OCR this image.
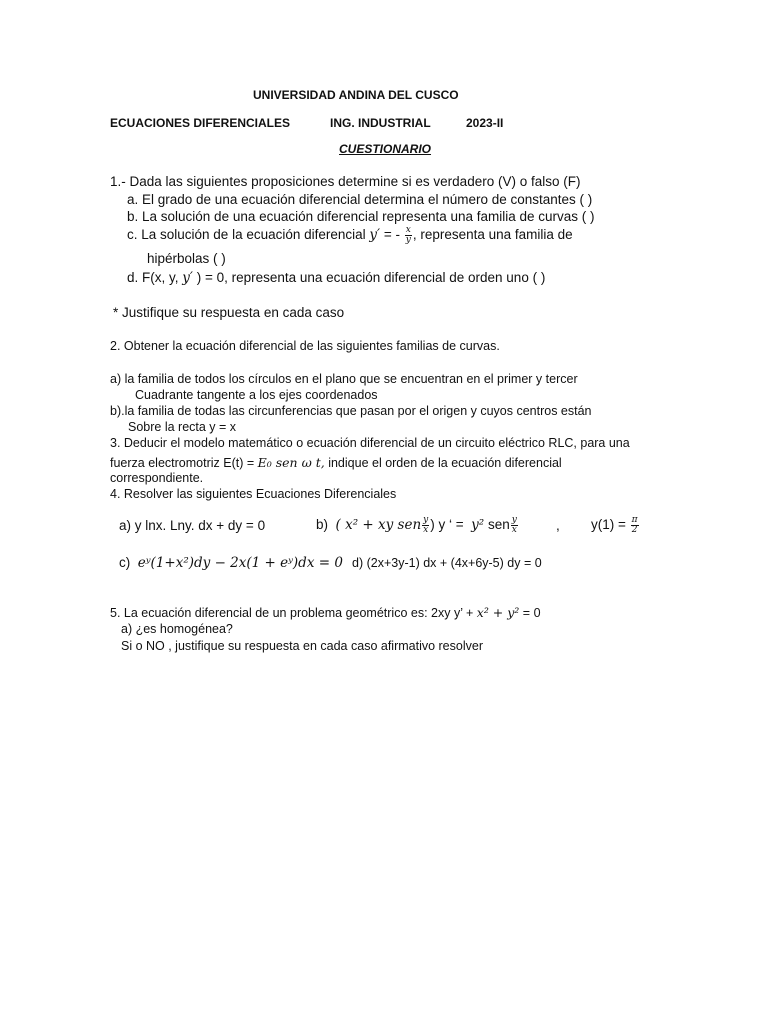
UNIVERSIDAD ANDINA DEL CUSCO
ECUACIONES DIFERENCIALES	ING. INDUSTRIAL	2023-II
CUESTIONARIO
1.- Dada las siguientes proposiciones determine si es verdadero (V) o falso (F)
a. El grado de una ecuación diferencial determina el número de constantes ( )
b. La solución de una ecuación diferencial representa una familia de curvas ( )
c. La solución de la ecuación diferencial y′ = - $\frac{x}{y}$ , representa una familia de
hipérbolas ( )
d. F(x, y, y′ ) = 0, representa una ecuación diferencial de orden uno ( )
* Justifique su respuesta en cada caso
2. Obtener la ecuación diferencial de las siguientes familias de curvas.
a) la familia de todos los círculos en el plano que se encuentran en el primer y tercer
Cuadrante tangente a los ejes coordenados
b).la familia de todas las circunferencias que pasan por el origen y cuyos centros están
Sobre la recta y = x
3. Deducir el modelo matemático o ecuación diferencial de un circuito eléctrico RLC, para una
fuerza electromotriz E(t) = E₀ sen ω t, indique el orden de la ecuación diferencial
correspondiente.
4. Resolver las siguientes Ecuaciones Diferenciales
a) y lnx. Lny. dx + dy = 0	b) ( x² + xy sen $\frac{y}{x}$ ) y ‘ = y² sen $\frac{y}{x}$	, $y(1) = \frac{\pi}{2}$
c) eʸ(1+x²)dy − 2x(1 + eʸ)dx = 0 d) (2x+3y-1) dx + (4x+6y-5) dy = 0
5. La ecuación diferencial de un problema geométrico es: 2xy y’ + x² + y² = 0
a) ¿es homogénea?
Si o NO , justifique su respuesta en cada caso afirmativo resolver
